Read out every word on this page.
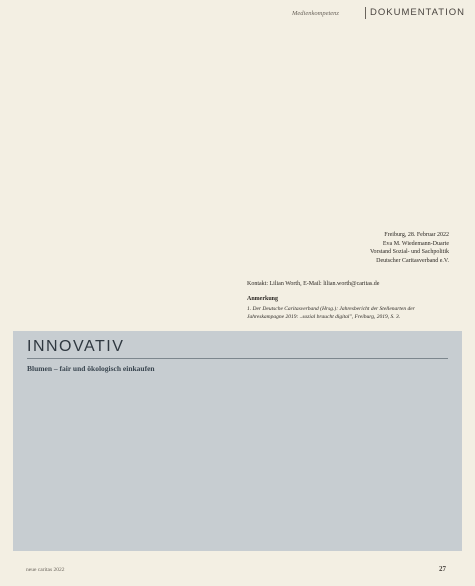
Medienkompetenz	DOKUMENTATION
Freiburg, 28. Februar 2022
Eva M. Wiedemann-Duarte
Vorstand Sozial- und Sachpolitik
Deutscher Caritasverband e.V.
Kontakt: Lilian Worth, E-Mail: lilian.worth@caritas.de
Anmerkung
1. Der Deutsche Caritasverband (Hrsg.): Jahresbericht der Stellenarten der Jahreskampagne 2019: ..sozial braucht digital", Freiburg, 2019, S. 3.
INNOVATIV
Blumen – fair und ökologisch einkaufen
neue caritas 2022	27
